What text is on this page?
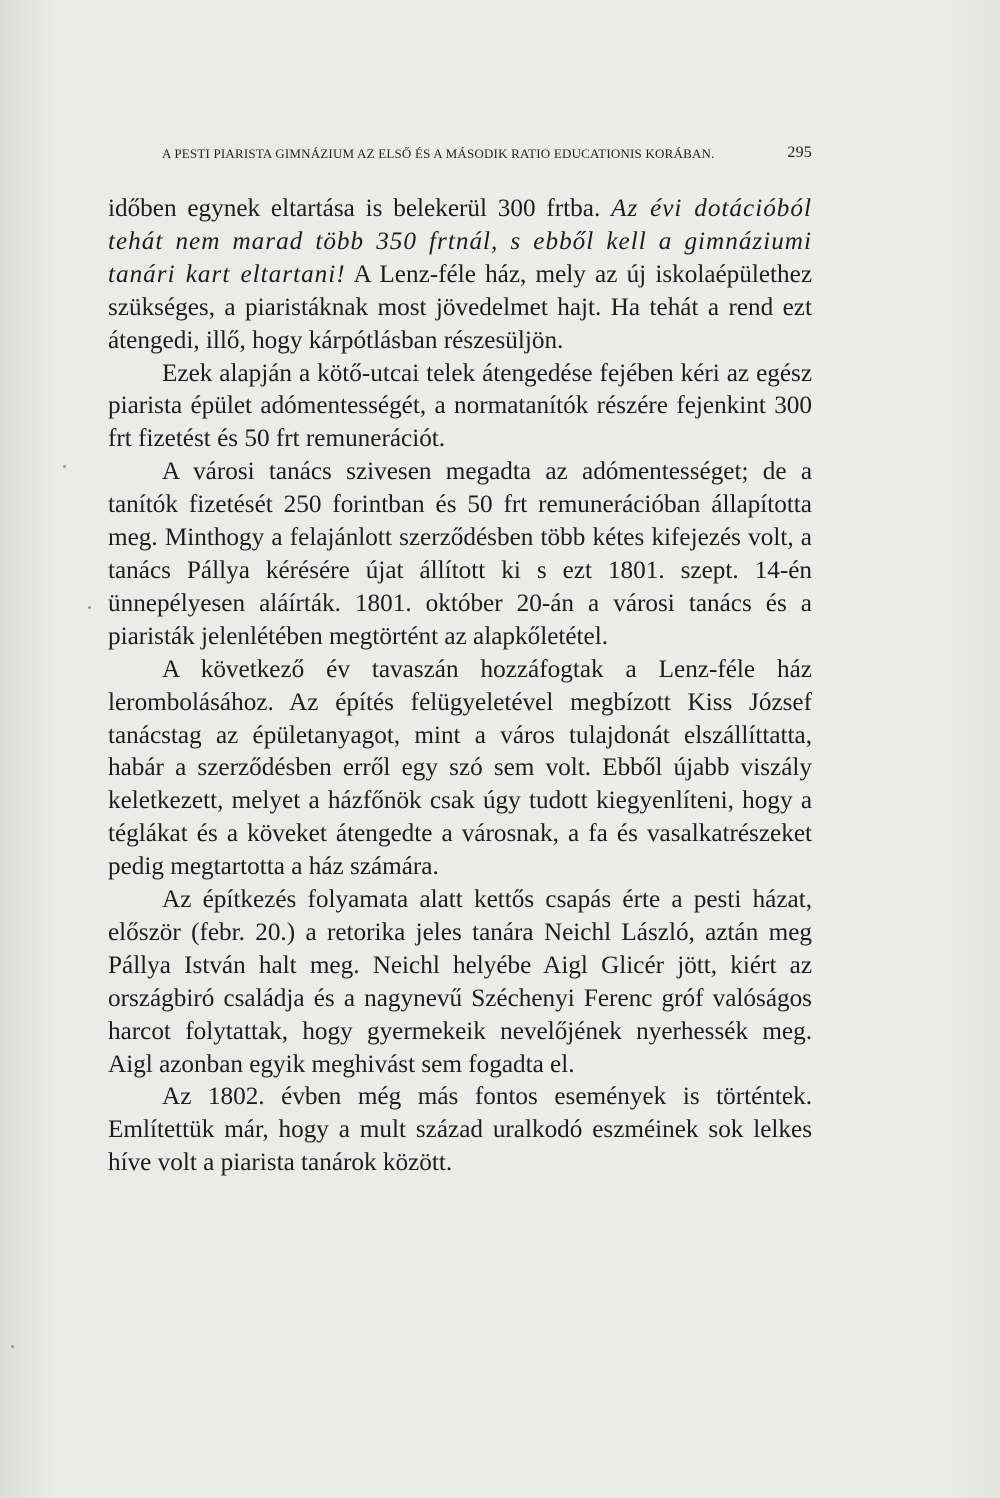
A PESTI PIARISTA GIMNÁZIUM AZ ELSŐ ÉS A MÁSODIK RATIO EDUCATIONIS KORÁBAN.	295

időben egynek eltartása is belekerül 300 frtba. Az évi dotációból tehát nem marad több 350 frtnál, s ebből kell a gimnáziumi tanári kart eltartani! A Lenz-féle ház, mely az új iskolaépülethez szükséges, a piaristáknak most jövedelmet hajt. Ha tehát a rend ezt átengedi, illő, hogy kárpótlásban részesüljön.

Ezek alapján a kötő-utcai telek átengedése fejében kéri az egész piarista épület adómentességét, a normatanítók részére fejenkint 300 frt fizetést és 50 frt remunerációt.

A városi tanács szivesen megadta az adómentességet; de a tanítók fizetését 250 forintban és 50 frt remunerációban állapította meg. Minthogy a felajánlott szerződésben több kétes kifejezés volt, a tanács Pállya kérésére újat állított ki s ezt 1801. szept. 14-én ünnepélyesen aláírták. 1801. október 20-án a városi tanács és a piaristák jelenlétében megtörtént az alapkőletétel.

A következő év tavaszán hozzáfogtak a Lenz-féle ház lerombolásához. Az építés felügyeletével megbízott Kiss József tanácstag az épületanyagot, mint a város tulajdonát elszállíttatta, habár a szerződésben erről egy szó sem volt. Ebből újabb viszály keletkezett, melyet a házfőnök csak úgy tudott kiegyenlíteni, hogy a téglákat és a köveket átengedte a városnak, a fa és vasalkatrészeket pedig megtartotta a ház számára.

Az építkezés folyamata alatt kettős csapás érte a pesti házat, először (febr. 20.) a retorika jeles tanára Neichl László, aztán meg Pállya István halt meg. Neichl helyébe Aigl Glicér jött, kiért az országbiró családja és a nagynevű Széchenyi Ferenc gróf valóságos harcot folytattak, hogy gyermekeik nevelőjének nyerhessék meg. Aigl azonban egyik meghivást sem fogadta el.

Az 1802. évben még más fontos események is történtek. Említettük már, hogy a mult század uralkodó eszméinek sok lelkes híve volt a piarista tanárok között.
